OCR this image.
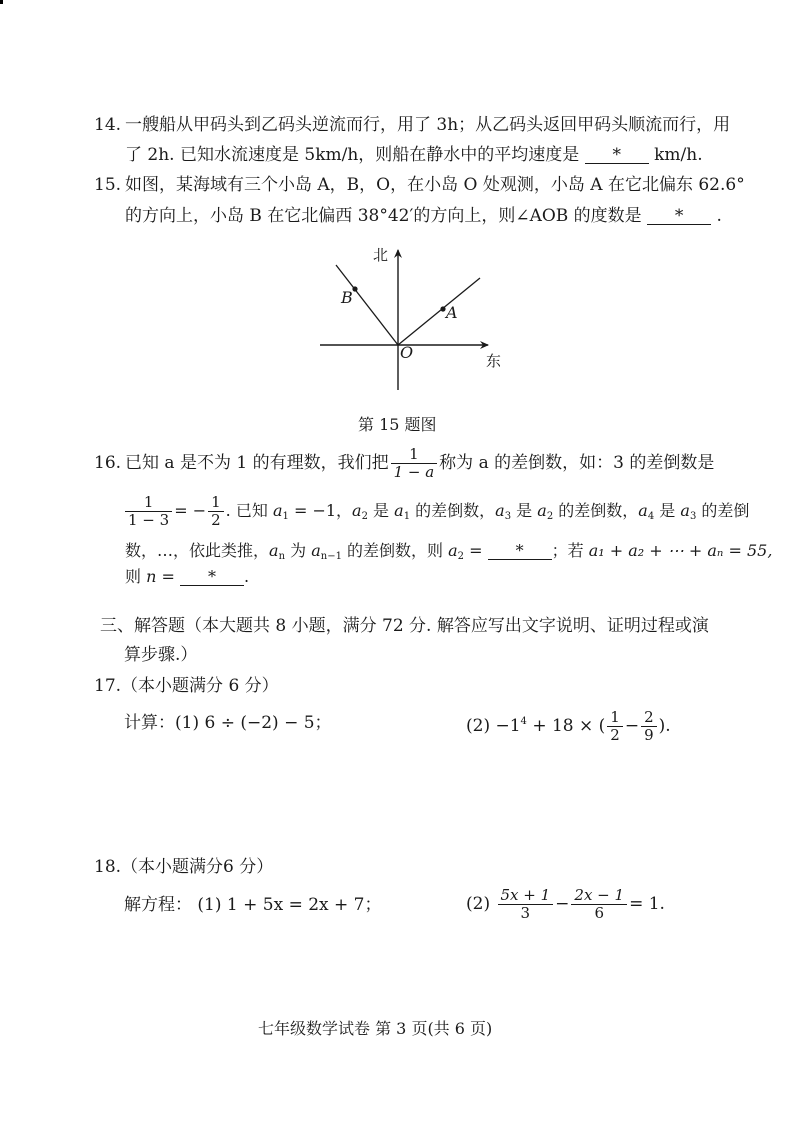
14. 一艘船从甲码头到乙码头逆流而行，用了 3h；从乙码头返回甲码头顺流而行，用
了 2h. 已知水流速度是 5km/h，则船在静水中的平均速度是 * km/h.
15. 如图，某海域有三个小岛 A，B，O，在小岛 O 处观测，小岛 A 在它北偏东 62.6°
的方向上，小岛 B 在它北偏西 38°42′的方向上，则∠AOB 的度数是 * .
北
东
B
A
O
第 15 题图
16. 已知 a 是不为 1 的有理数，我们把 $\frac{1}{1 - a}$ 称为 a 的差倒数，如：3 的差倒数是
$\frac{1}{1 - 3}$ = − $\frac{1}{2}$ . 已知 $a_1 = -1$，$a_2$ 是 $a_1$ 的差倒数，$a_3$ 是 $a_2$ 的差倒数，$a_4$ 是 $a_3$ 的差倒
数，…，依此类推，$a_n$ 为 $a_{n-1}$ 的差倒数，则 $a_2$ = * ；若 a₁ + a₂ + ⋯ + aₙ = 55,
则 n = * .
三、解答题（本大题共 8 小题，满分 72 分. 解答应写出文字说明、证明过程或演
算步骤.）
17.（本小题满分 6 分）
计算：(1) 6 ÷ (−2) − 5；	$(2) -1^4 + 18$ × ( $\frac{1}{2} - \frac{2}{9}$ ).
18.（本小题满分6 分）
解方程： (1) 1 + 5x = 2x + 7；	$(2) \frac{5x + 1}{3} - \frac{2x - 1}{6} = 1$.
七年级数学试卷 第 3 页(共 6 页)
